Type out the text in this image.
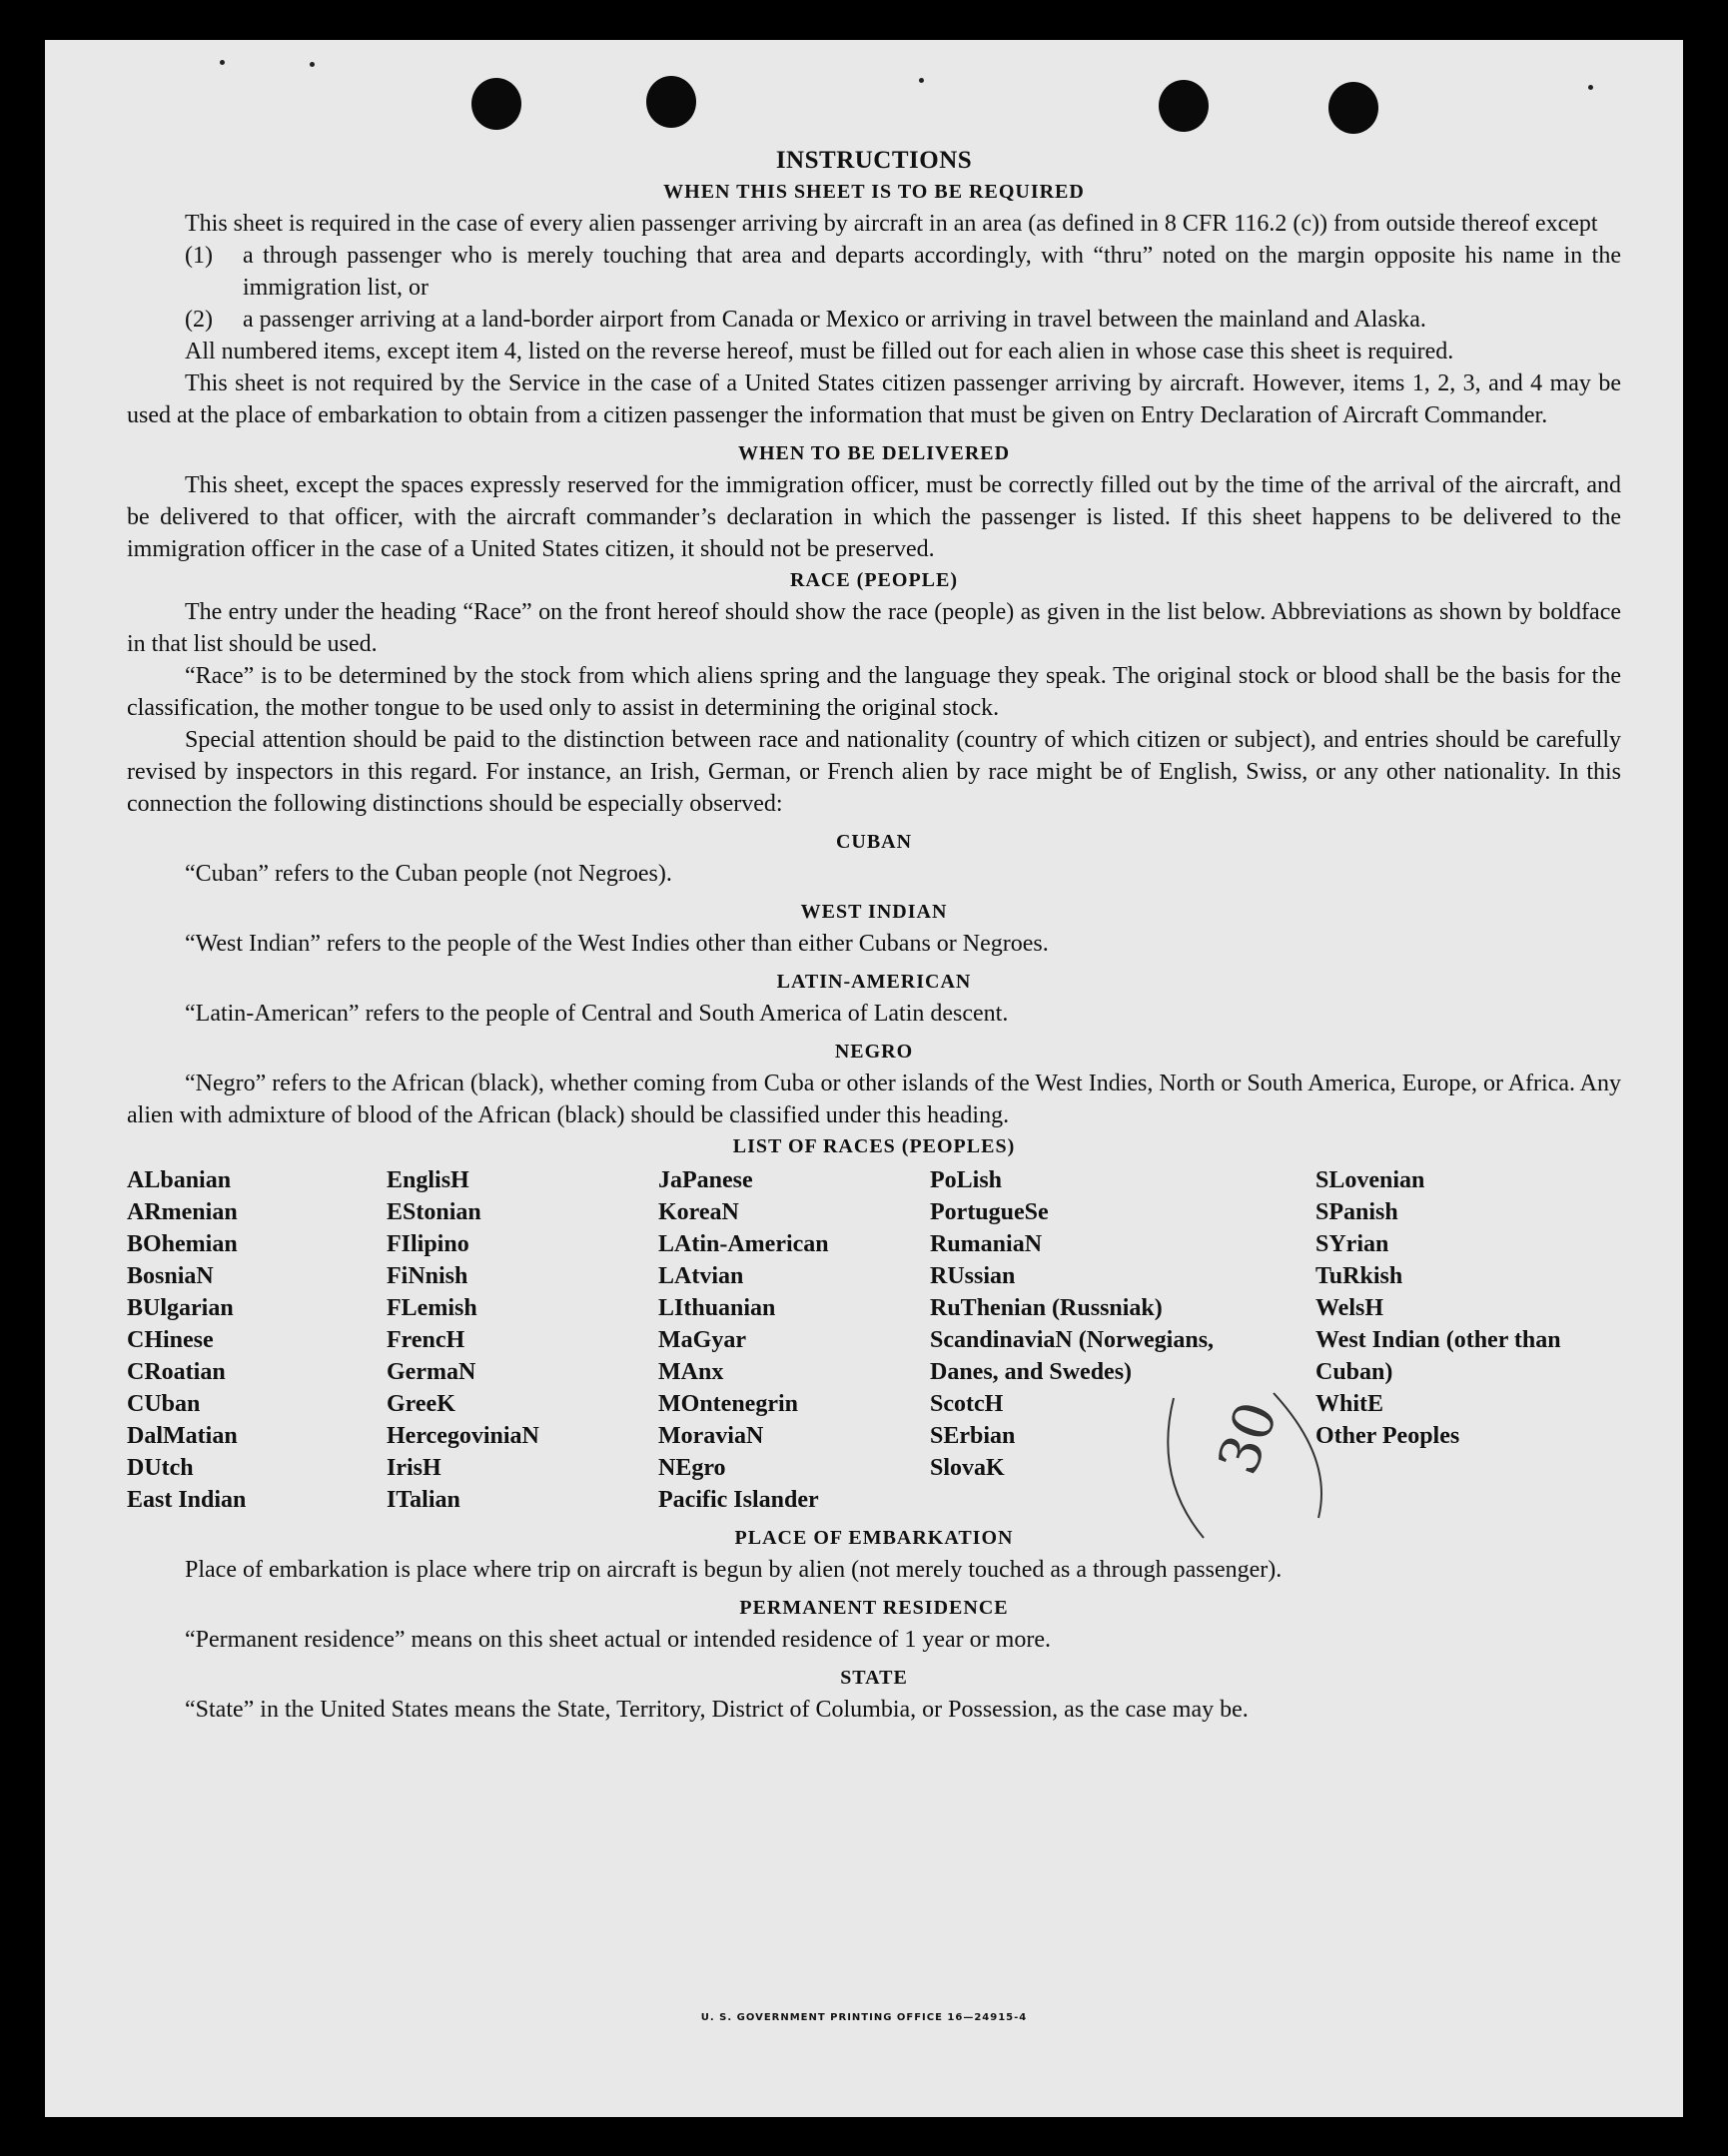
INSTRUCTIONS
WHEN THIS SHEET IS TO BE REQUIRED

This sheet is required in the case of every alien passenger arriving by aircraft in an area (as defined in 8 CFR 116.2 (c)) from outside thereof except

(1)	a through passenger who is merely touching that area and departs accordingly, with “thru” noted on the margin opposite his name in the immigration list, or
(2)	a passenger arriving at a land-border airport from Canada or Mexico or arriving in travel between the mainland and Alaska.

All numbered items, except item 4, listed on the reverse hereof, must be filled out for each alien in whose case this sheet is required.

This sheet is not required by the Service in the case of a United States citizen passenger arriving by aircraft. However, items 1, 2, 3, and 4 may be used at the place of embarkation to obtain from a citizen passenger the information that must be given on Entry Declaration of Aircraft Commander.

WHEN TO BE DELIVERED

This sheet, except the spaces expressly reserved for the immigration officer, must be correctly filled out by the time of the arrival of the aircraft, and be delivered to that officer, with the aircraft commander’s declaration in which the passenger is listed. If this sheet happens to be delivered to the immigration officer in the case of a United States citizen, it should not be preserved.

RACE (PEOPLE)

The entry under the heading “Race” on the front hereof should show the race (people) as given in the list below. Abbreviations as shown by boldface in that list should be used.

“Race” is to be determined by the stock from which aliens spring and the language they speak. The original stock or blood shall be the basis for the classification, the mother tongue to be used only to assist in determining the original stock.

Special attention should be paid to the distinction between race and nationality (country of which citizen or subject), and entries should be carefully revised by inspectors in this regard. For instance, an Irish, German, or French alien by race might be of English, Swiss, or any other nationality. In this connection the following distinctions should be especially observed:

CUBAN

“Cuban” refers to the Cuban people (not Negroes).

WEST INDIAN

“West Indian” refers to the people of the West Indies other than either Cubans or Negroes.

LATIN-AMERICAN

“Latin-American” refers to the people of Central and South America of Latin descent.

NEGRO

“Negro” refers to the African (black), whether coming from Cuba or other islands of the West Indies, North or South America, Europe, or Africa. Any alien with admixture of blood of the African (black) should be classified under this heading.

LIST OF RACES (PEOPLES)
ALbanian
ARmenian
BOhemian
BosniaN
BUlgarian
CHinese
CRoatian
CUban
DalMatian
DUtch
East Indian
EnglisH
EStonian
FIlipino
FiNnish
FLemish
FrencH
GermaN
GreeK
HercegoviniaN
IrisH
ITalian
JaPanese
KoreaN
LAtin-American
LAtvian
LIthuanian
MaGyar
MAnx
MOntenegrin
MoraviaN
NEgro
Pacific Islander
PoLish
PortugueSe
RumaniaN
RUssian
RuThenian (Russniak)
ScandinaviaN (Norwegians, Danes, and Swedes)
ScotcH
SErbian
SlovaK
SLovenian
SPanish
SYrian
TuRkish
WelsH
West Indian (other than Cuban)
WhitE
Other Peoples
PLACE OF EMBARKATION

Place of embarkation is place where trip on aircraft is begun by alien (not merely touched as a through passenger).

PERMANENT RESIDENCE

“Permanent residence” means on this sheet actual or intended residence of 1 year or more.

STATE

“State” in the United States means the State, Territory, District of Columbia, or Possession, as the case may be.

U. S. GOVERNMENT PRINTING OFFICE 16—24915-4
30
